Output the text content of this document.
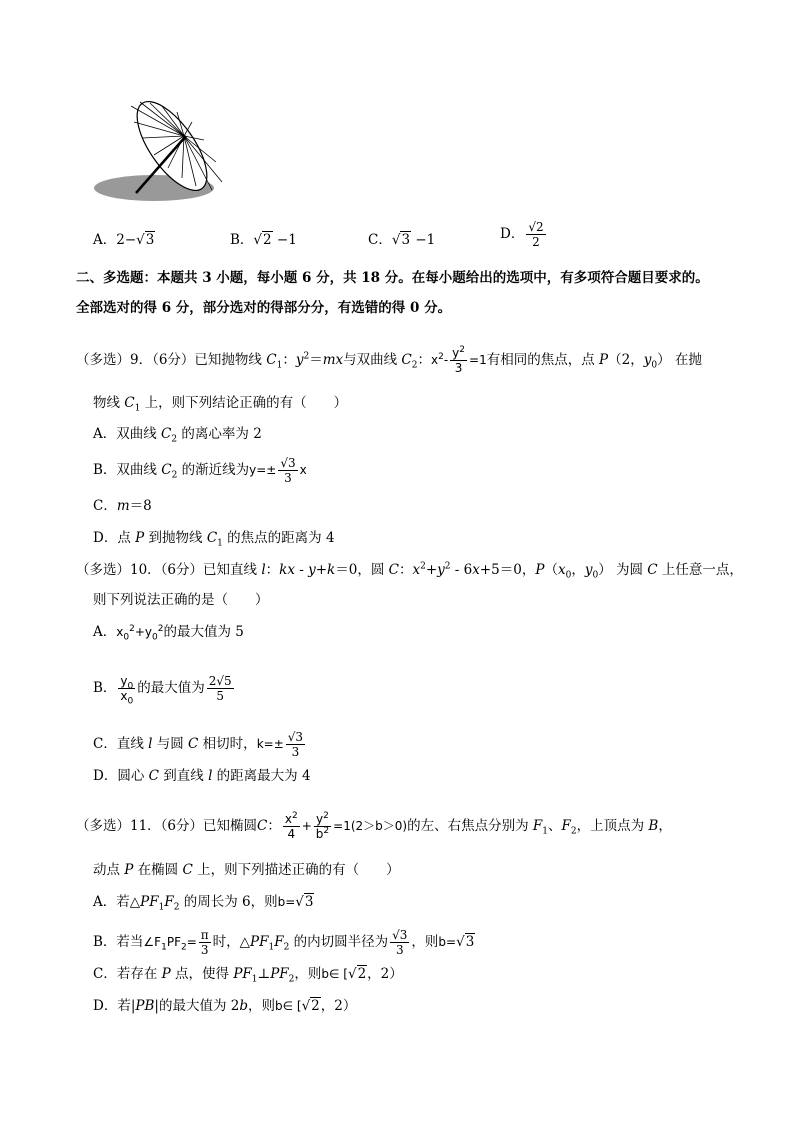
A．2−√3	B．√2 −1	C．√3 −1	D． $\frac{√2}{2}$
二、多选题：本题共 3 小题，每小题 6 分，共 18 分。在每小题给出的选项中，有多项符合题目要求的。
全部选对的得 6 分，部分选对的得部分分，有选错的得 0 分。
（多选）9．（6分）已知抛物线 $C_1$：$y^2=mx$与双曲线 $C_2$：$x^2- \frac{y^2}{3} =1$有相同的焦点，点 P（2，$y_0$） 在抛
物线 $C_1$ 上，则下列结论正确的有（　　）
A．双曲线 $C_2$ 的离心率为 2
B．双曲线 $C_2$ 的渐近线为$y=\pm \frac{√3}{3}$ x
C．m＝8
D．点 P 到抛物线 $C_1$ 的焦点的距离为 4
（多选）10．（6分）已知直线 l：kx - y+k＝0，圆 C：$x^2+y^2 - 6x+5=0$，$P(x_0$，$y_0$） 为圆 C 上任意一点，
则下列说法正确的是（　　）
A．$x_0^2+y_0^2$的最大值为 5
B． $\frac{y_0}{x_0}$ 的最大值为 $\frac{2√5}{5}$
C．直线 l 与圆 C 相切时，$k=\pm \frac{√3}{3}$
D．圆心 C 到直线 l 的距离最大为 4
（多选）11．（6分）已知椭圆C： $\frac{x^2}{4} + \frac{y^2}{b^2} =1(2>b>0)$的左、右焦点分别为 $F_1$、$F_2$，上顶点为 B，
动点 P 在椭圆 C 上，则下列描述正确的有（　　）
A．若$\triangle PF_1F_2$ 的周长为 6，则b=√3
B．若当$\angle F_1PF_2= \frac{\pi}{3}$ 时，$\triangle PF_1F_2$ 的内切圆半径为 $\frac{√3}{3}$ ，则b=√3
C．若存在 P 点，使得 $PF_1\perp PF_2$，则b∈ [√2，2）
D．若|PB|的最大值为 2b，则b∈ [√2，2）
